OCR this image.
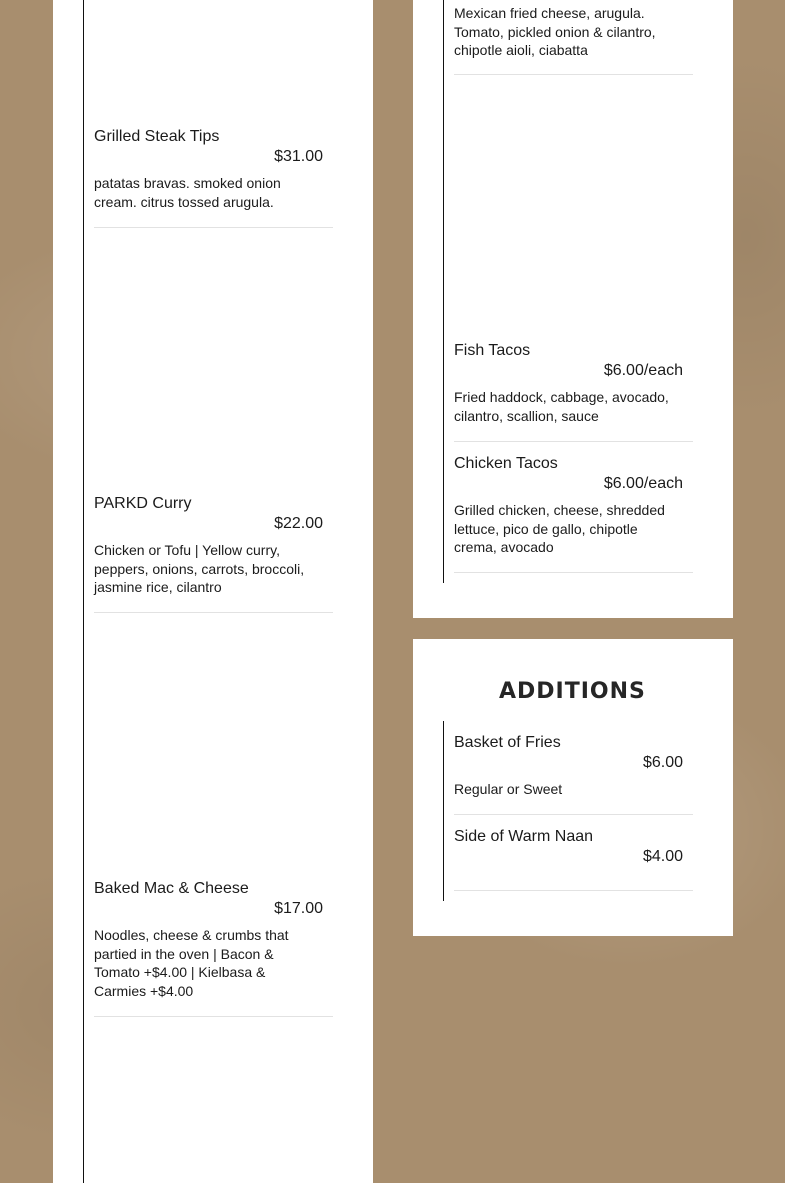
Grilled Steak Tips
$31.00
patatas bravas. smoked onion cream. citrus tossed arugula.
PARKD Curry
$22.00
Chicken or Tofu | Yellow curry, peppers, onions, carrots, broccoli, jasmine rice, cilantro
Baked Mac & Cheese
$17.00
Noodles, cheese & crumbs that partied in the oven | Bacon & Tomato +$4.00 | Kielbasa & Carmies +$4.00
Mexican fried cheese, arugula. Tomato, pickled onion & cilantro, chipotle aioli, ciabatta
Fish Tacos
$6.00/each
Fried haddock, cabbage, avocado, cilantro, scallion, sauce
Chicken Tacos
$6.00/each
Grilled chicken, cheese, shredded lettuce, pico de gallo, chipotle crema, avocado
ADDITIONS
Basket of Fries
$6.00
Regular or Sweet
Side of Warm Naan
$4.00
